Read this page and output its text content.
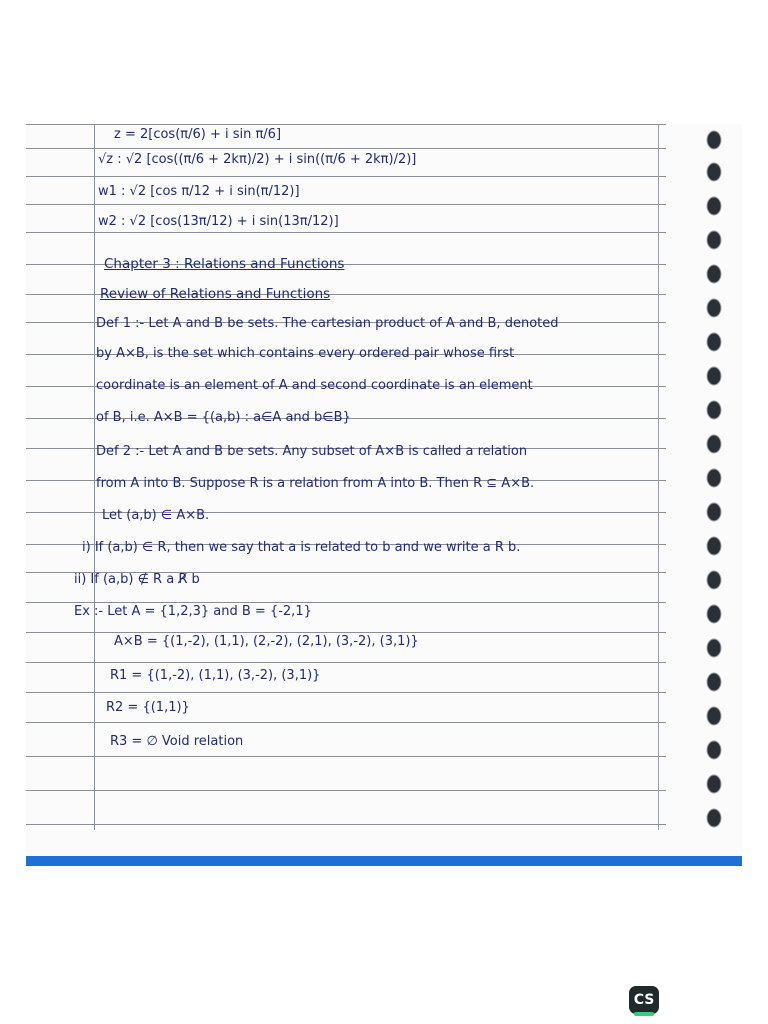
z = 2[cos(π/6) + i sin π/6]
√z : √2 [cos((π/6 + 2kπ)/2) + i sin((π/6 + 2kπ)/2)]
w1 : √2 [cos π/12 + i sin(π/12)]
w2 : √2 [cos(13π/12) + i sin(13π/12)]
Chapter 3 : Relations and Functions
Review of Relations and Functions
Def 1 :- Let A and B be sets. The cartesian product of A and B, denoted
by A×B, is the set which contains every ordered pair whose first
coordinate is an element of A and second coordinate is an element
of B, i.e. A×B = {(a,b) : a∈A and b∈B}
Def 2 :- Let A and B be sets. Any subset of A×B is called a relation
from A into B. Suppose R is a relation from A into B. Then R ⊆ A×B.
Let (a,b) ∈ A×B.
i) If (a,b) ∈ R, then we say that a is related to b and we write a R b.
ii) If (a,b) ∉ R a R̸ b
Ex :- Let A = {1,2,3} and B = {-2,1}
A×B = {(1,-2), (1,1), (2,-2), (2,1), (3,-2), (3,1)}
R1 = {(1,-2), (1,1), (3,-2), (3,1)}
R2 = {(1,1)}
R3 = ∅ Void relation
CS
